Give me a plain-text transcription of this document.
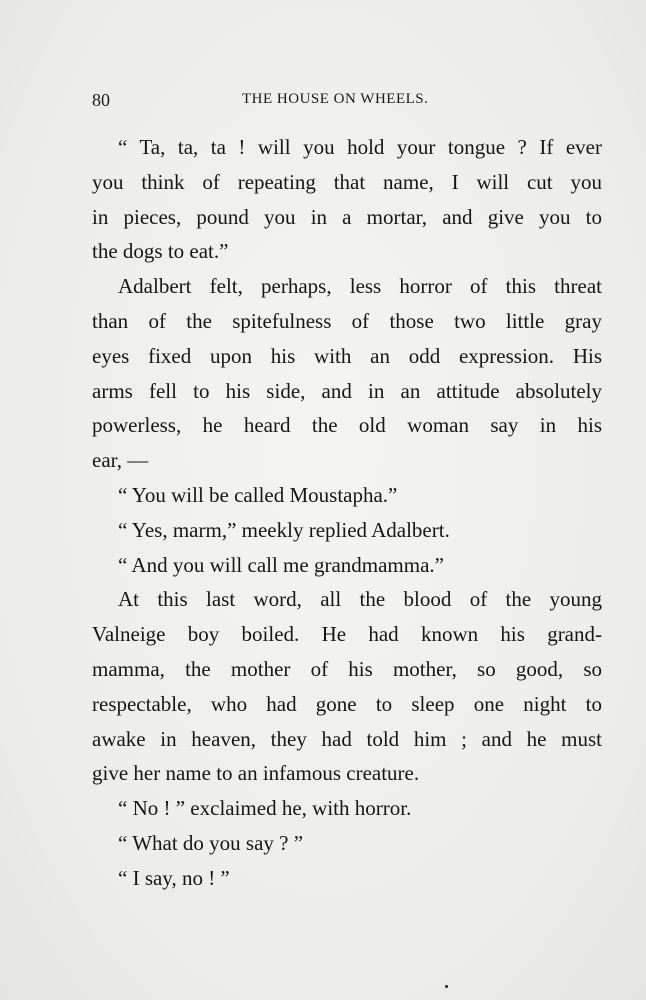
80	THE HOUSE ON WHEELS.
“ Ta, ta, ta ! will you hold your tongue ? If ever
you think of repeating that name, I will cut you
in pieces, pound you in a mortar, and give you to
the dogs to eat.”
Adalbert felt, perhaps, less horror of this threat
than of the spitefulness of those two little gray
eyes fixed upon his with an odd expression. His
arms fell to his side, and in an attitude absolutely
powerless, he heard the old woman say in his
ear, —
“ You will be called Moustapha.”
“ Yes, marm,” meekly replied Adalbert.
“ And you will call me grandmamma.”
At this last word, all the blood of the young
Valneige boy boiled. He had known his grand-
mamma, the mother of his mother, so good, so
respectable, who had gone to sleep one night to
awake in heaven, they had told him ; and he must
give her name to an infamous creature.
“ No ! ” exclaimed he, with horror.
“ What do you say ? ”
“ I say, no ! ”
